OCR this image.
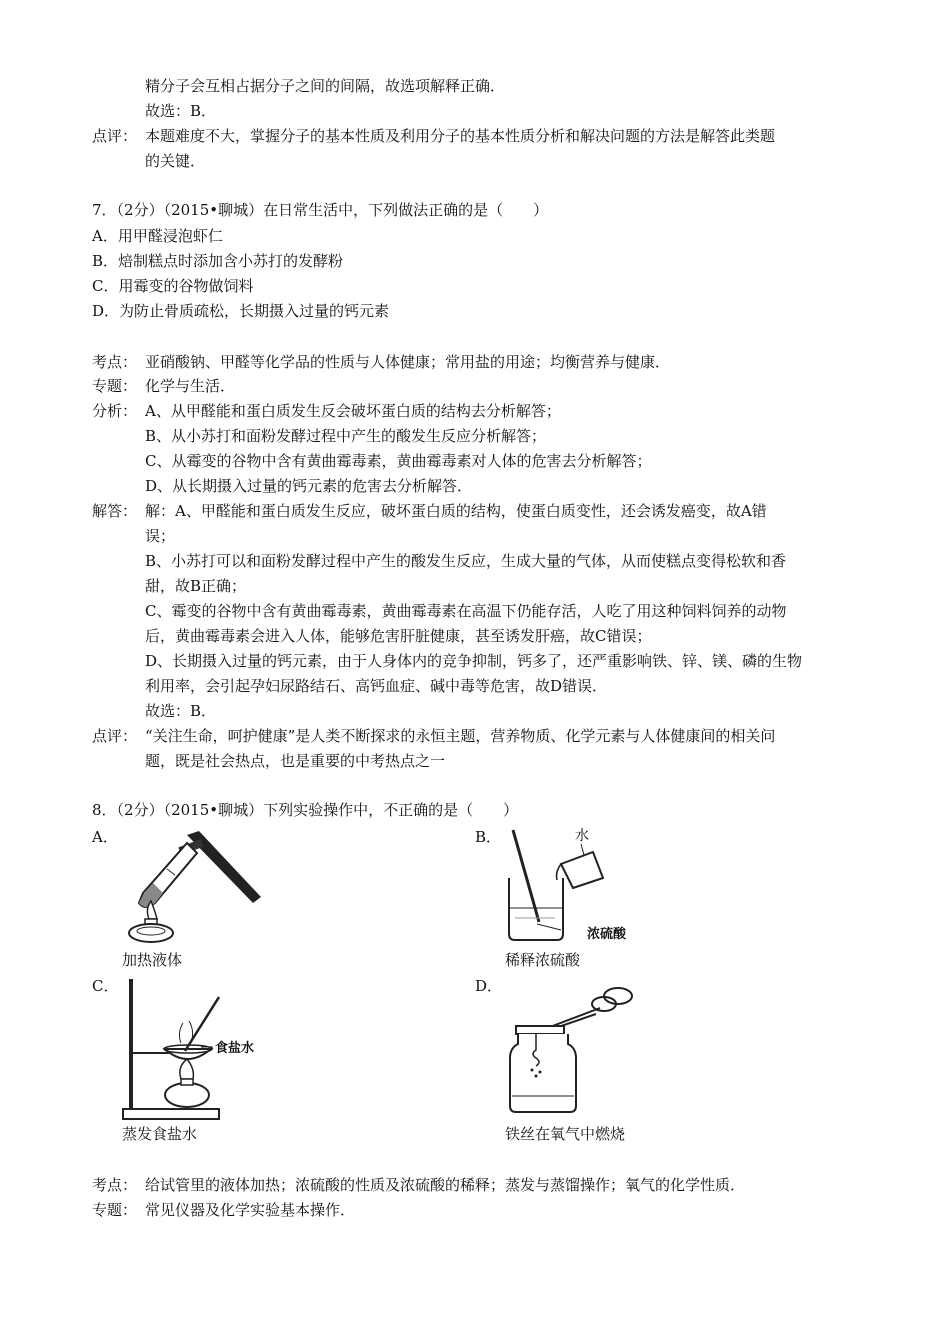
精分子会互相占据分子之间的间隔，故选项解释正确．
故选：B．
点评： 本题难度不大，掌握分子的基本性质及利用分子的基本性质分析和解决问题的方法是解答此类题
的关键．
7．（2分）（2015•聊城）在日常生活中，下列做法正确的是（　　）
A．用甲醛浸泡虾仁
B．焙制糕点时添加含小苏打的发酵粉
C．用霉变的谷物做饲料
D．为防止骨质疏松，长期摄入过量的钙元素
考点： 亚硝酸钠、甲醛等化学品的性质与人体健康；常用盐的用途；均衡营养与健康．
专题： 化学与生活．
分析： A、从甲醛能和蛋白质发生反会破坏蛋白质的结构去分析解答；
B、从小苏打和面粉发酵过程中产生的酸发生反应分析解答；
C、从霉变的谷物中含有黄曲霉毒素，黄曲霉毒素对人体的危害去分析解答；
D、从长期摄入过量的钙元素的危害去分析解答．
解答： 解：A、甲醛能和蛋白质发生反应，破坏蛋白质的结构，使蛋白质变性，还会诱发癌变，故A错
误；
B、小苏打可以和面粉发酵过程中产生的酸发生反应，生成大量的气体，从而使糕点变得松软和香
甜，故B正确；
C、霉变的谷物中含有黄曲霉毒素，黄曲霉毒素在高温下仍能存活，人吃了用这种饲料饲养的动物
后，黄曲霉毒素会进入人体，能够危害肝脏健康，甚至诱发肝癌，故C错误；
D、长期摄入过量的钙元素，由于人身体内的竞争抑制，钙多了，还严重影响铁、锌、镁、磷的生物
利用率，会引起孕妇尿路结石、高钙血症、碱中毒等危害，故D错误．
故选：B．
点评： “关注生命，呵护健康”是人类不断探求的永恒主题，营养物质、化学元素与人体健康间的相关问
题，既是社会热点，也是重要的中考热点之一
8．（2分）（2015•聊城）下列实验操作中，不正确的是（　　）
A．	B．
加热液体
水
浓硫酸
稀释浓硫酸
C．	D．
食盐水
蒸发食盐水	铁丝在氧气中燃烧
考点： 给试管里的液体加热；浓硫酸的性质及浓硫酸的稀释；蒸发与蒸馏操作；氧气的化学性质．
专题： 常见仪器及化学实验基本操作．
